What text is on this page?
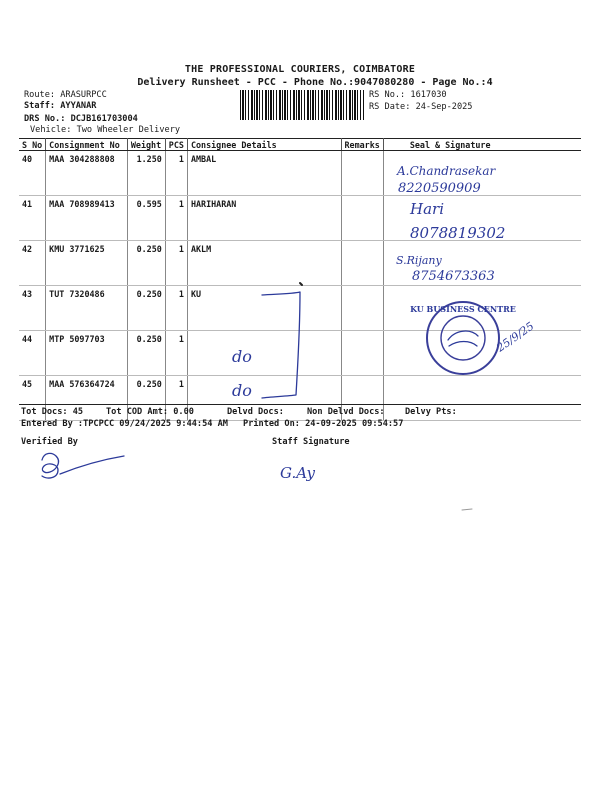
THE PROFESSIONAL COURIERS, COIMBATORE
Delivery Runsheet - PCC - Phone No.:9047080280 - Page No.:4
Route: ARASURPCC
Staff: AYYANAR
DRS No.: DCJB161703004
Vehicle: Two Wheeler Delivery
RS No.: 1617030
RS Date: 24-Sep-2025
S No	Consignment No	Weight	PCS	Consignee Details	Remarks	Seal & Signature
40	MAA 304288808	1.250	1	AMBAL		
41	MAA 708989413	0.595	1	HARIHARAN		
42	KMU 3771625	0.250	1	AKLM		
43	TUT 7320486	0.250	1	KU		
44	MTP 5097703	0.250	1			
45	MAA 576364724	0.250	1			
Tot Docs: 45	Tot COD Amt: 0.00	Delvd Docs:	Non Delvd Docs: Delvy Pts:
Entered By :TPCPCC 09/24/2025 9:44:54 AM Printed On: 24-09-2025 09:54:57
Verified By	Staff Signature
A.Chandrasekar
8220590909
Hari
8078819302
S.Rijany
8754673363
do
do
KU BUSINESS CENTRE
25/9/25
G.Ay
